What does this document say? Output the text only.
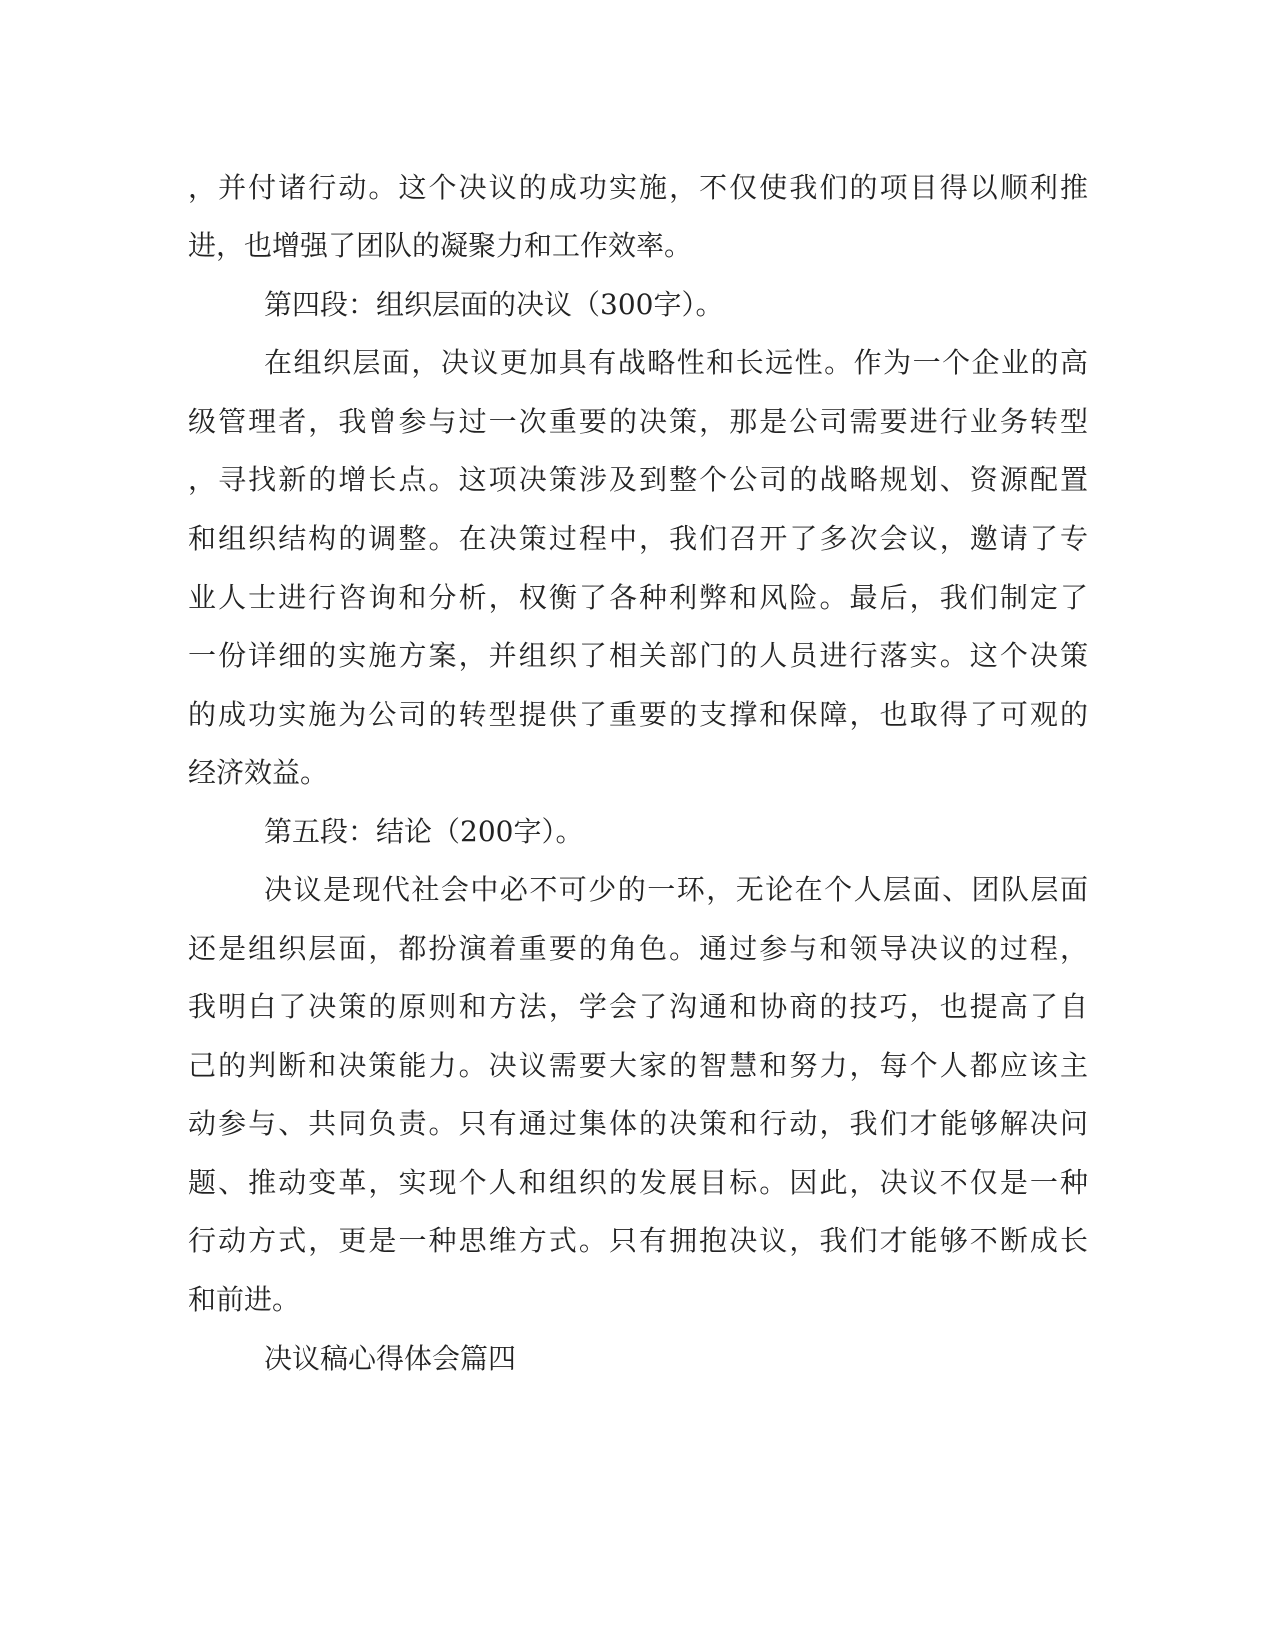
，并付诸行动。这个决议的成功实施，不仅使我们的项目得以顺利推
进，也增强了团队的凝聚力和工作效率。
第四段：组织层面的决议（300字）。
在组织层面，决议更加具有战略性和长远性。作为一个企业的高
级管理者，我曾参与过一次重要的决策，那是公司需要进行业务转型
，寻找新的增长点。这项决策涉及到整个公司的战略规划、资源配置
和组织结构的调整。在决策过程中，我们召开了多次会议，邀请了专
业人士进行咨询和分析，权衡了各种利弊和风险。最后，我们制定了
一份详细的实施方案，并组织了相关部门的人员进行落实。这个决策
的成功实施为公司的转型提供了重要的支撑和保障，也取得了可观的
经济效益。
第五段：结论（200字）。
决议是现代社会中必不可少的一环，无论在个人层面、团队层面
还是组织层面，都扮演着重要的角色。通过参与和领导决议的过程，
我明白了决策的原则和方法，学会了沟通和协商的技巧，也提高了自
己的判断和决策能力。决议需要大家的智慧和努力，每个人都应该主
动参与、共同负责。只有通过集体的决策和行动，我们才能够解决问
题、推动变革，实现个人和组织的发展目标。因此，决议不仅是一种
行动方式，更是一种思维方式。只有拥抱决议，我们才能够不断成长
和前进。
决议稿心得体会篇四
